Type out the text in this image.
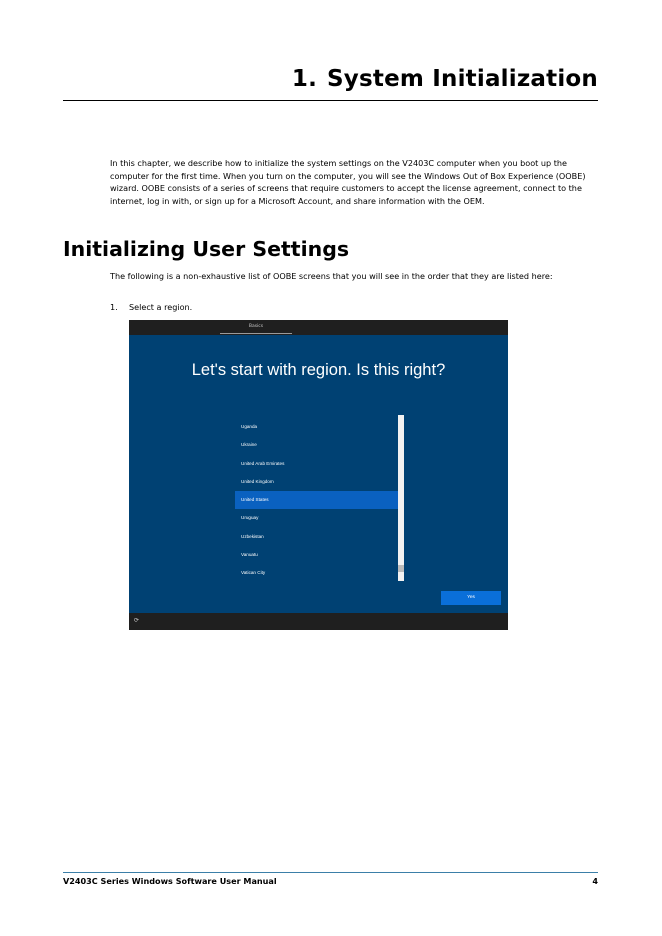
1. System Initialization

In this chapter, we describe how to initialize the system settings on the V2403C computer when you boot up the computer for the first time. When you turn on the computer, you will see the Windows Out of Box Experience (OOBE) wizard. OOBE consists of a series of screens that require customers to accept the license agreement, connect to the internet, log in with, or sign up for a Microsoft Account, and share information with the OEM.

Initializing User Settings

The following is a non-exhaustive list of OOBE screens that you will see in the order that they are listed here:

1. Select a region.

Basics
Let's start with region. Is this right?
Uganda
Ukraine
United Arab Emirates
United Kingdom
United States
Uruguay
Uzbekistan
Vanuatu
Vatican City
Yes
⟳

V2403C Series Windows Software User Manual	4
